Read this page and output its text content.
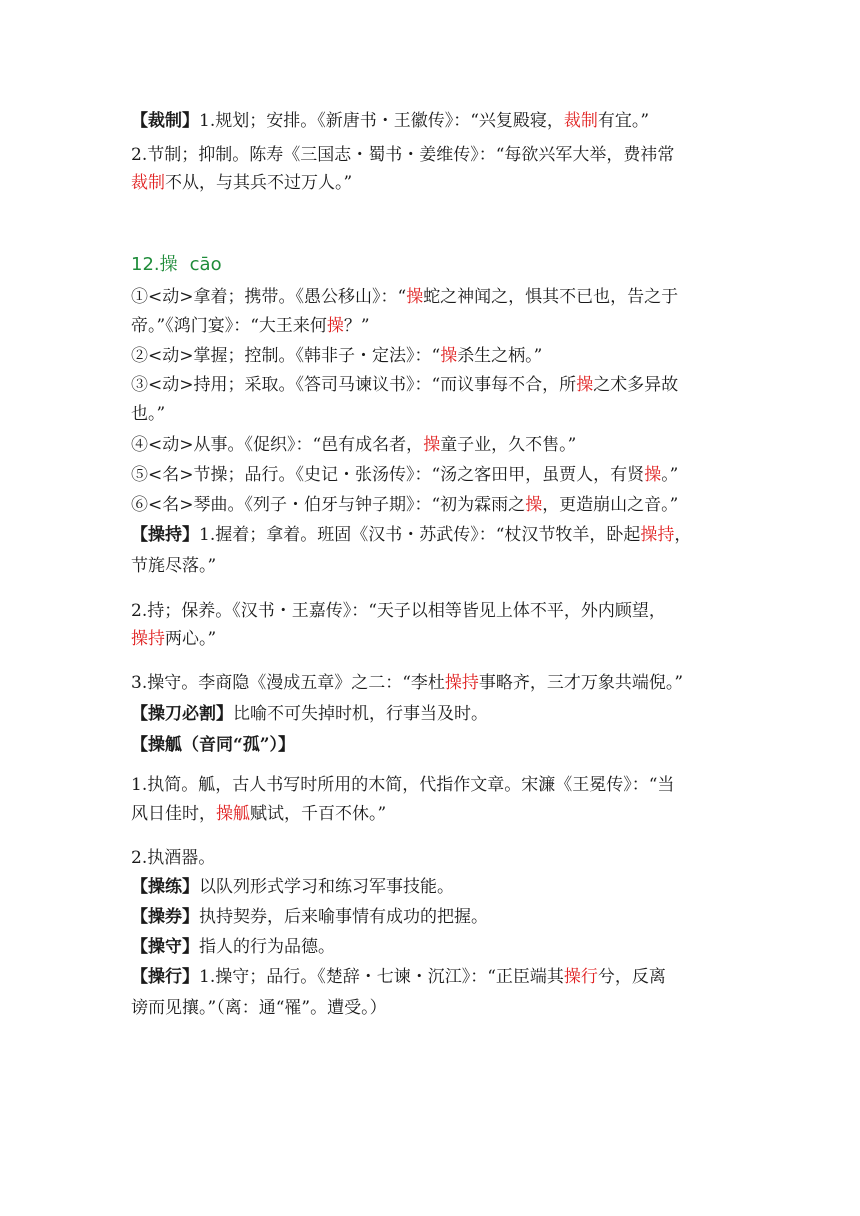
【裁制】1.规划；安排。《新唐书・王徽传》：“兴复殿寝，裁制有宜。”
2.节制；抑制。陈寿《三国志・蜀书・姜维传》：“每欲兴军大举，费祎常
裁制不从，与其兵不过万人。”
12.操 cāo
①<动>拿着；携带。《愚公移山》：“操蛇之神闻之，惧其不已也，告之于
帝。”《鸿门宴》：“大王来何操？”
②<动>掌握；控制。《韩非子・定法》：“操杀生之柄。”
③<动>持用；采取。《答司马谏议书》：“而议事每不合，所操之术多异故
也。”
④<动>从事。《促织》：“邑有成名者，操童子业，久不售。”
⑤<名>节操；品行。《史记・张汤传》：“汤之客田甲，虽贾人，有贤操。”
⑥<名>琴曲。《列子・伯牙与钟子期》：“初为霖雨之操，更造崩山之音。”
【操持】1.握着；拿着。班固《汉书・苏武传》：“杖汉节牧羊，卧起操持，
节旄尽落。”
2.持；保养。《汉书・王嘉传》：“天子以相等皆见上体不平，外内顾望，
操持两心。”
3.操守。李商隐《漫成五章》之二：“李杜操持事略齐，三才万象共端倪。”
【操刀必割】比喻不可失掉时机，行事当及时。
【操觚（音同“孤”）】
1.执简。觚，古人书写时所用的木简，代指作文章。宋濂《王冕传》：“当
风日佳时，操觚赋试，千百不休。”
2.执酒器。
【操练】以队列形式学习和练习军事技能。
【操券】执持契券，后来喻事情有成功的把握。
【操守】指人的行为品德。
【操行】1.操守；品行。《楚辞・七谏・沉江》：“正臣端其操行兮，反离
谤而见攘。”（离：通“罹”。遭受。）
